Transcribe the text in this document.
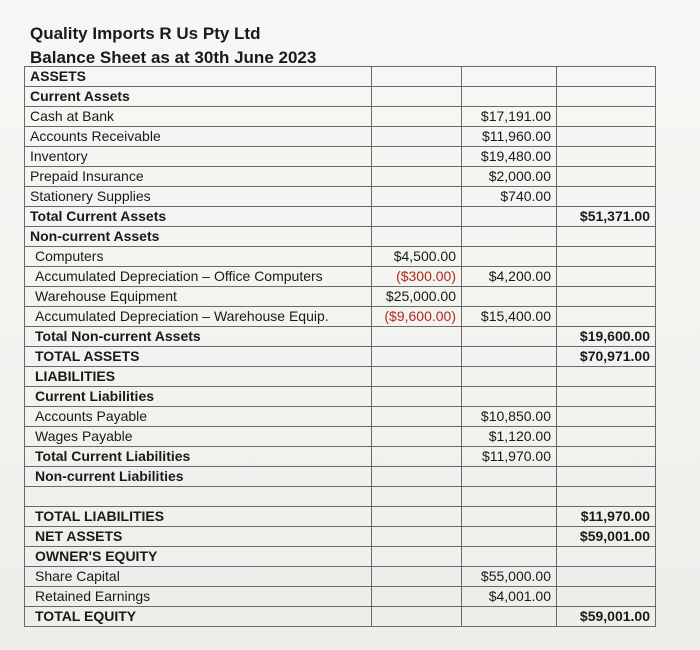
Quality Imports R Us Pty Ltd
Balance Sheet as at 30th June 2023
ASSETS			
Current Assets			
Cash at Bank		$17,191.00	
Accounts Receivable		$11,960.00	
Inventory		$19,480.00	
Prepaid Insurance		$2,000.00	
Stationery Supplies		$740.00	
Total Current Assets			$51,371.00
Non-current Assets			
Computers	$4,500.00		
Accumulated Depreciation – Office Computers	($300.00)	$4,200.00	
Warehouse Equipment	$25,000.00		
Accumulated Depreciation – Warehouse Equip.	($9,600.00)	$15,400.00	
Total Non-current Assets			$19,600.00
TOTAL ASSETS			$70,971.00
LIABILITIES			
Current Liabilities			
Accounts Payable		$10,850.00	
Wages Payable		$1,120.00	
Total Current Liabilities		$11,970.00	
Non-current Liabilities			

TOTAL LIABILITIES			$11,970.00
NET ASSETS			$59,001.00
OWNER'S EQUITY			
Share Capital		$55,000.00	
Retained Earnings		$4,001.00	
TOTAL EQUITY			$59,001.00
